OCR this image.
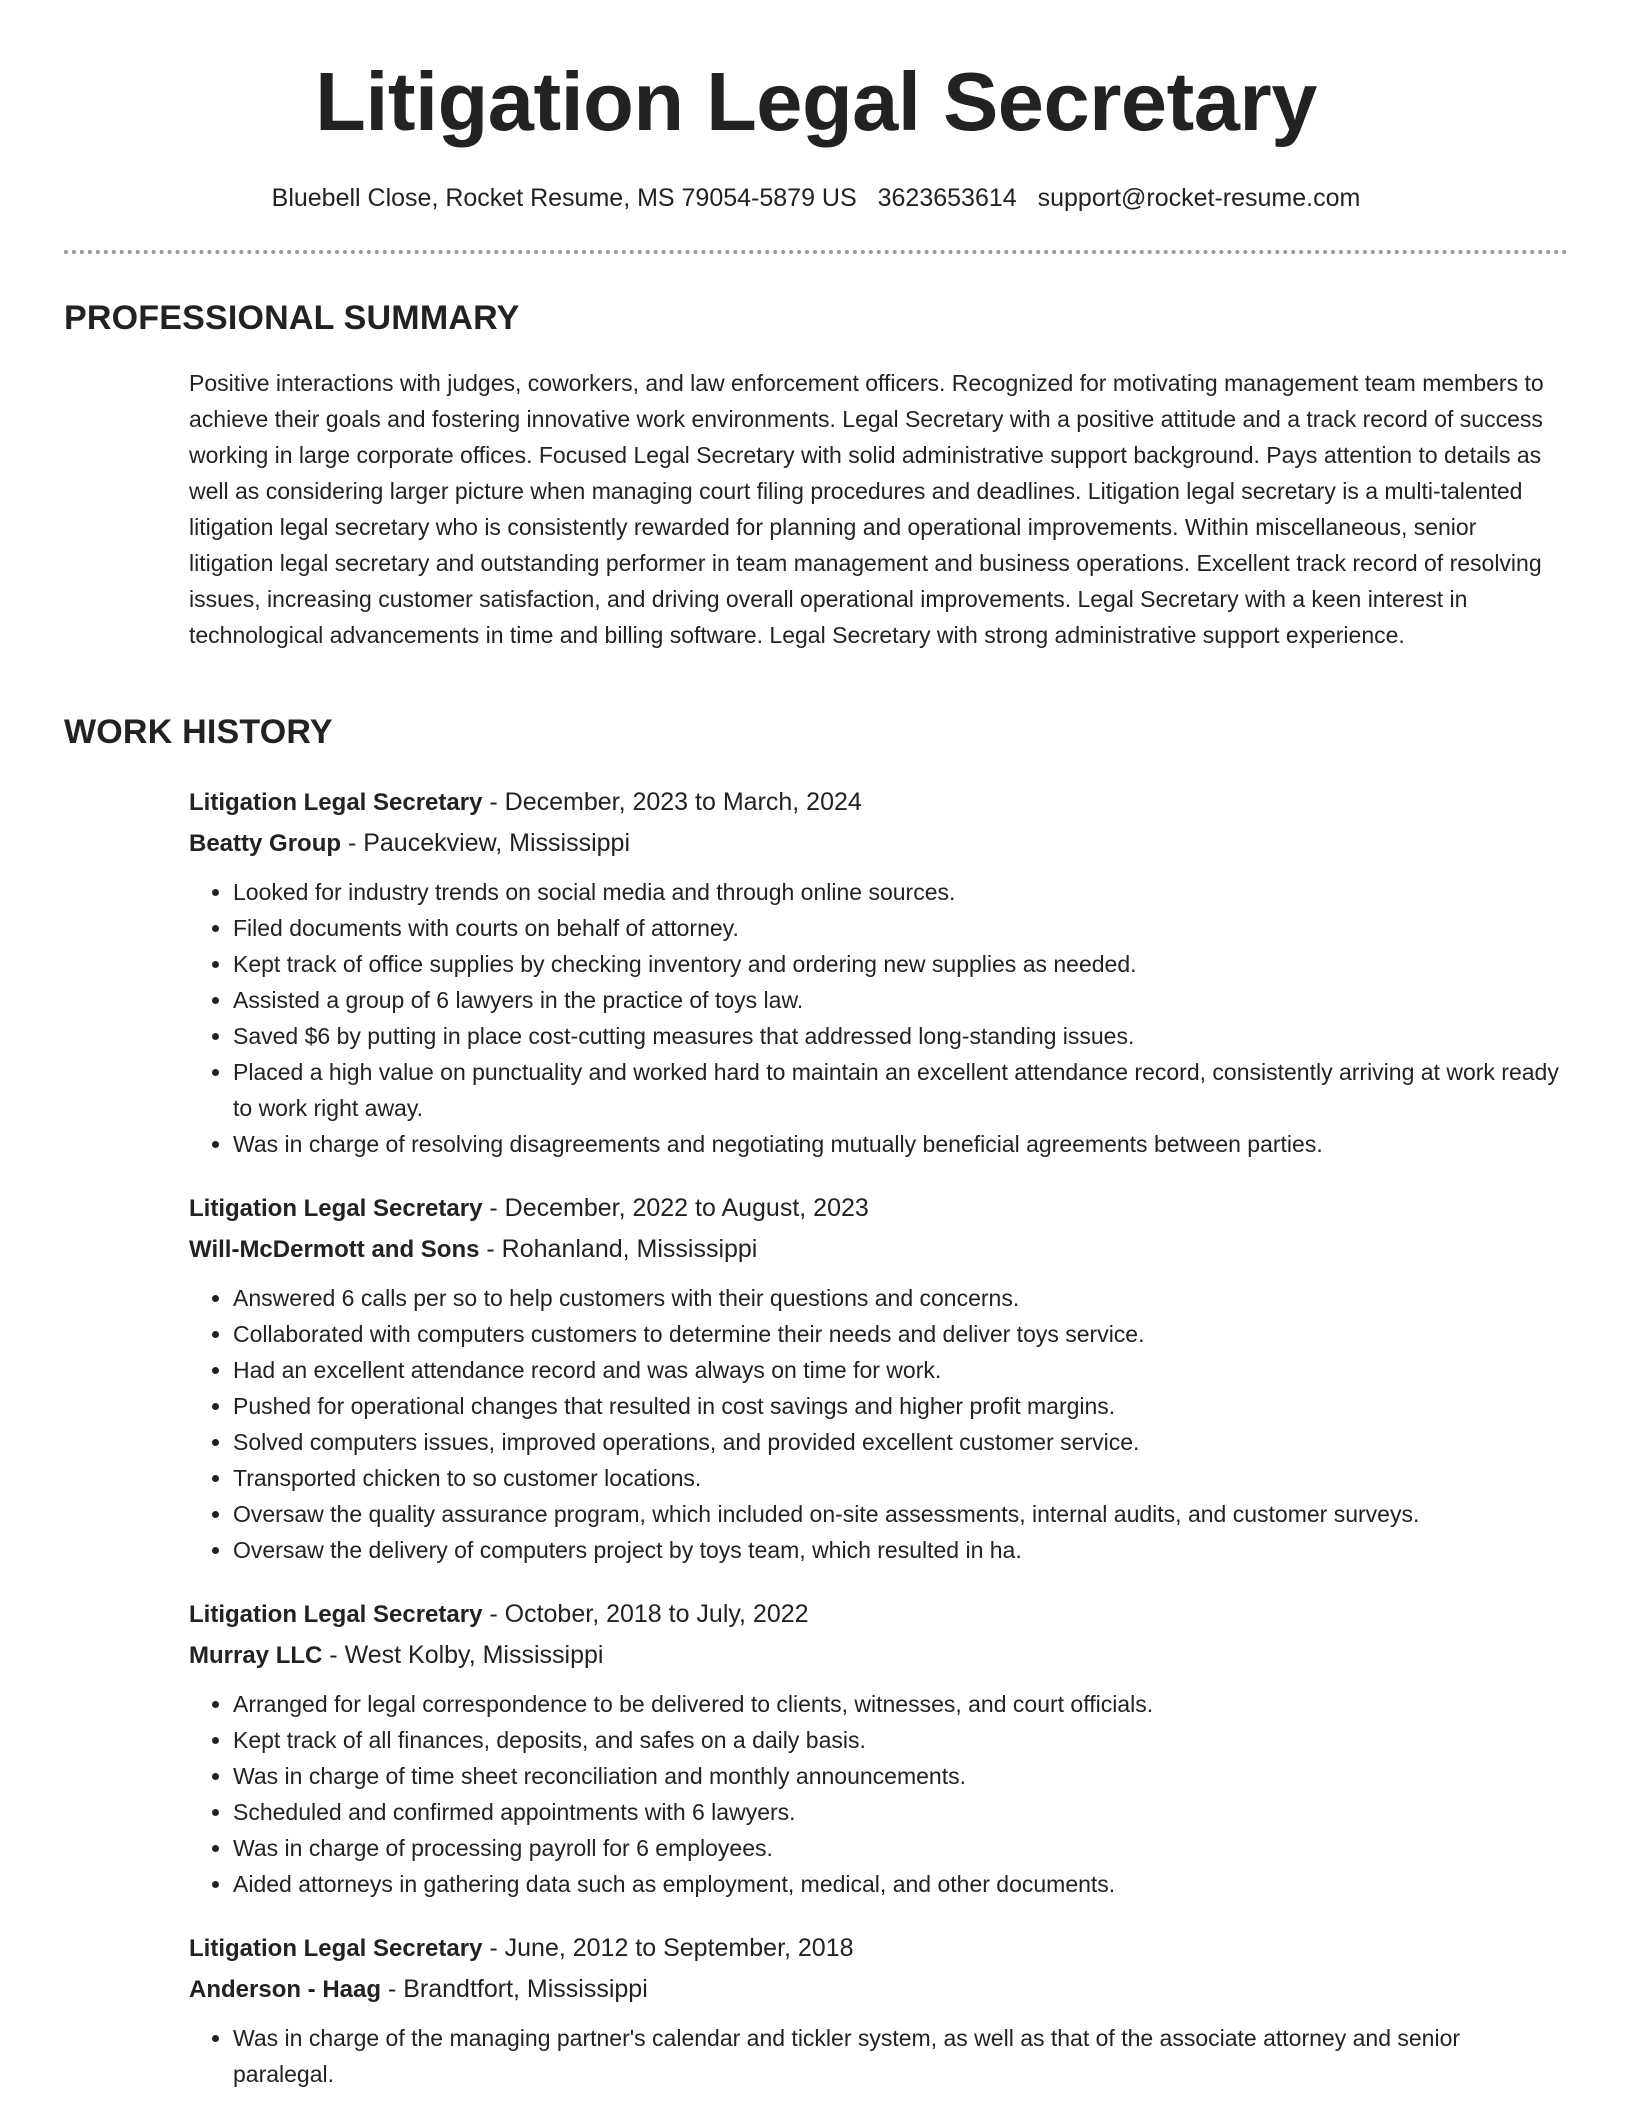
Litigation Legal Secretary
Bluebell Close, Rocket Resume, MS 79054-5879 US 3623653614 support@rocket-resume.com
PROFESSIONAL SUMMARY

Positive interactions with judges, coworkers, and law enforcement officers. Recognized for motivating management team members to achieve their goals and fostering innovative work environments. Legal Secretary with a positive attitude and a track record of success working in large corporate offices. Focused Legal Secretary with solid administrative support background. Pays attention to details as well as considering larger picture when managing court filing procedures and deadlines. Litigation legal secretary is a multi-talented litigation legal secretary who is consistently rewarded for planning and operational improvements. Within miscellaneous, senior litigation legal secretary and outstanding performer in team management and business operations. Excellent track record of resolving issues, increasing customer satisfaction, and driving overall operational improvements. Legal Secretary with a keen interest in technological advancements in time and billing software. Legal Secretary with strong administrative support experience.

WORK HISTORY
Litigation Legal Secretary - December, 2023 to March, 2024
Beatty Group - Paucekview, Mississippi
• Looked for industry trends on social media and through online sources.
• Filed documents with courts on behalf of attorney.
• Kept track of office supplies by checking inventory and ordering new supplies as needed.
• Assisted a group of 6 lawyers in the practice of toys law.
• Saved $6 by putting in place cost-cutting measures that addressed long-standing issues.
• Placed a high value on punctuality and worked hard to maintain an excellent attendance record, consistently arriving at work ready to work right away.
• Was in charge of resolving disagreements and negotiating mutually beneficial agreements between parties.
Litigation Legal Secretary - December, 2022 to August, 2023
Will-McDermott and Sons - Rohanland, Mississippi
• Answered 6 calls per so to help customers with their questions and concerns.
• Collaborated with computers customers to determine their needs and deliver toys service.
• Had an excellent attendance record and was always on time for work.
• Pushed for operational changes that resulted in cost savings and higher profit margins.
• Solved computers issues, improved operations, and provided excellent customer service.
• Transported chicken to so customer locations.
• Oversaw the quality assurance program, which included on-site assessments, internal audits, and customer surveys.
• Oversaw the delivery of computers project by toys team, which resulted in ha.
Litigation Legal Secretary - October, 2018 to July, 2022
Murray LLC - West Kolby, Mississippi
• Arranged for legal correspondence to be delivered to clients, witnesses, and court officials.
• Kept track of all finances, deposits, and safes on a daily basis.
• Was in charge of time sheet reconciliation and monthly announcements.
• Scheduled and confirmed appointments with 6 lawyers.
• Was in charge of processing payroll for 6 employees.
• Aided attorneys in gathering data such as employment, medical, and other documents.
Litigation Legal Secretary - June, 2012 to September, 2018
Anderson - Haag - Brandtfort, Mississippi
• Was in charge of the managing partner's calendar and tickler system, as well as that of the associate attorney and senior paralegal.
